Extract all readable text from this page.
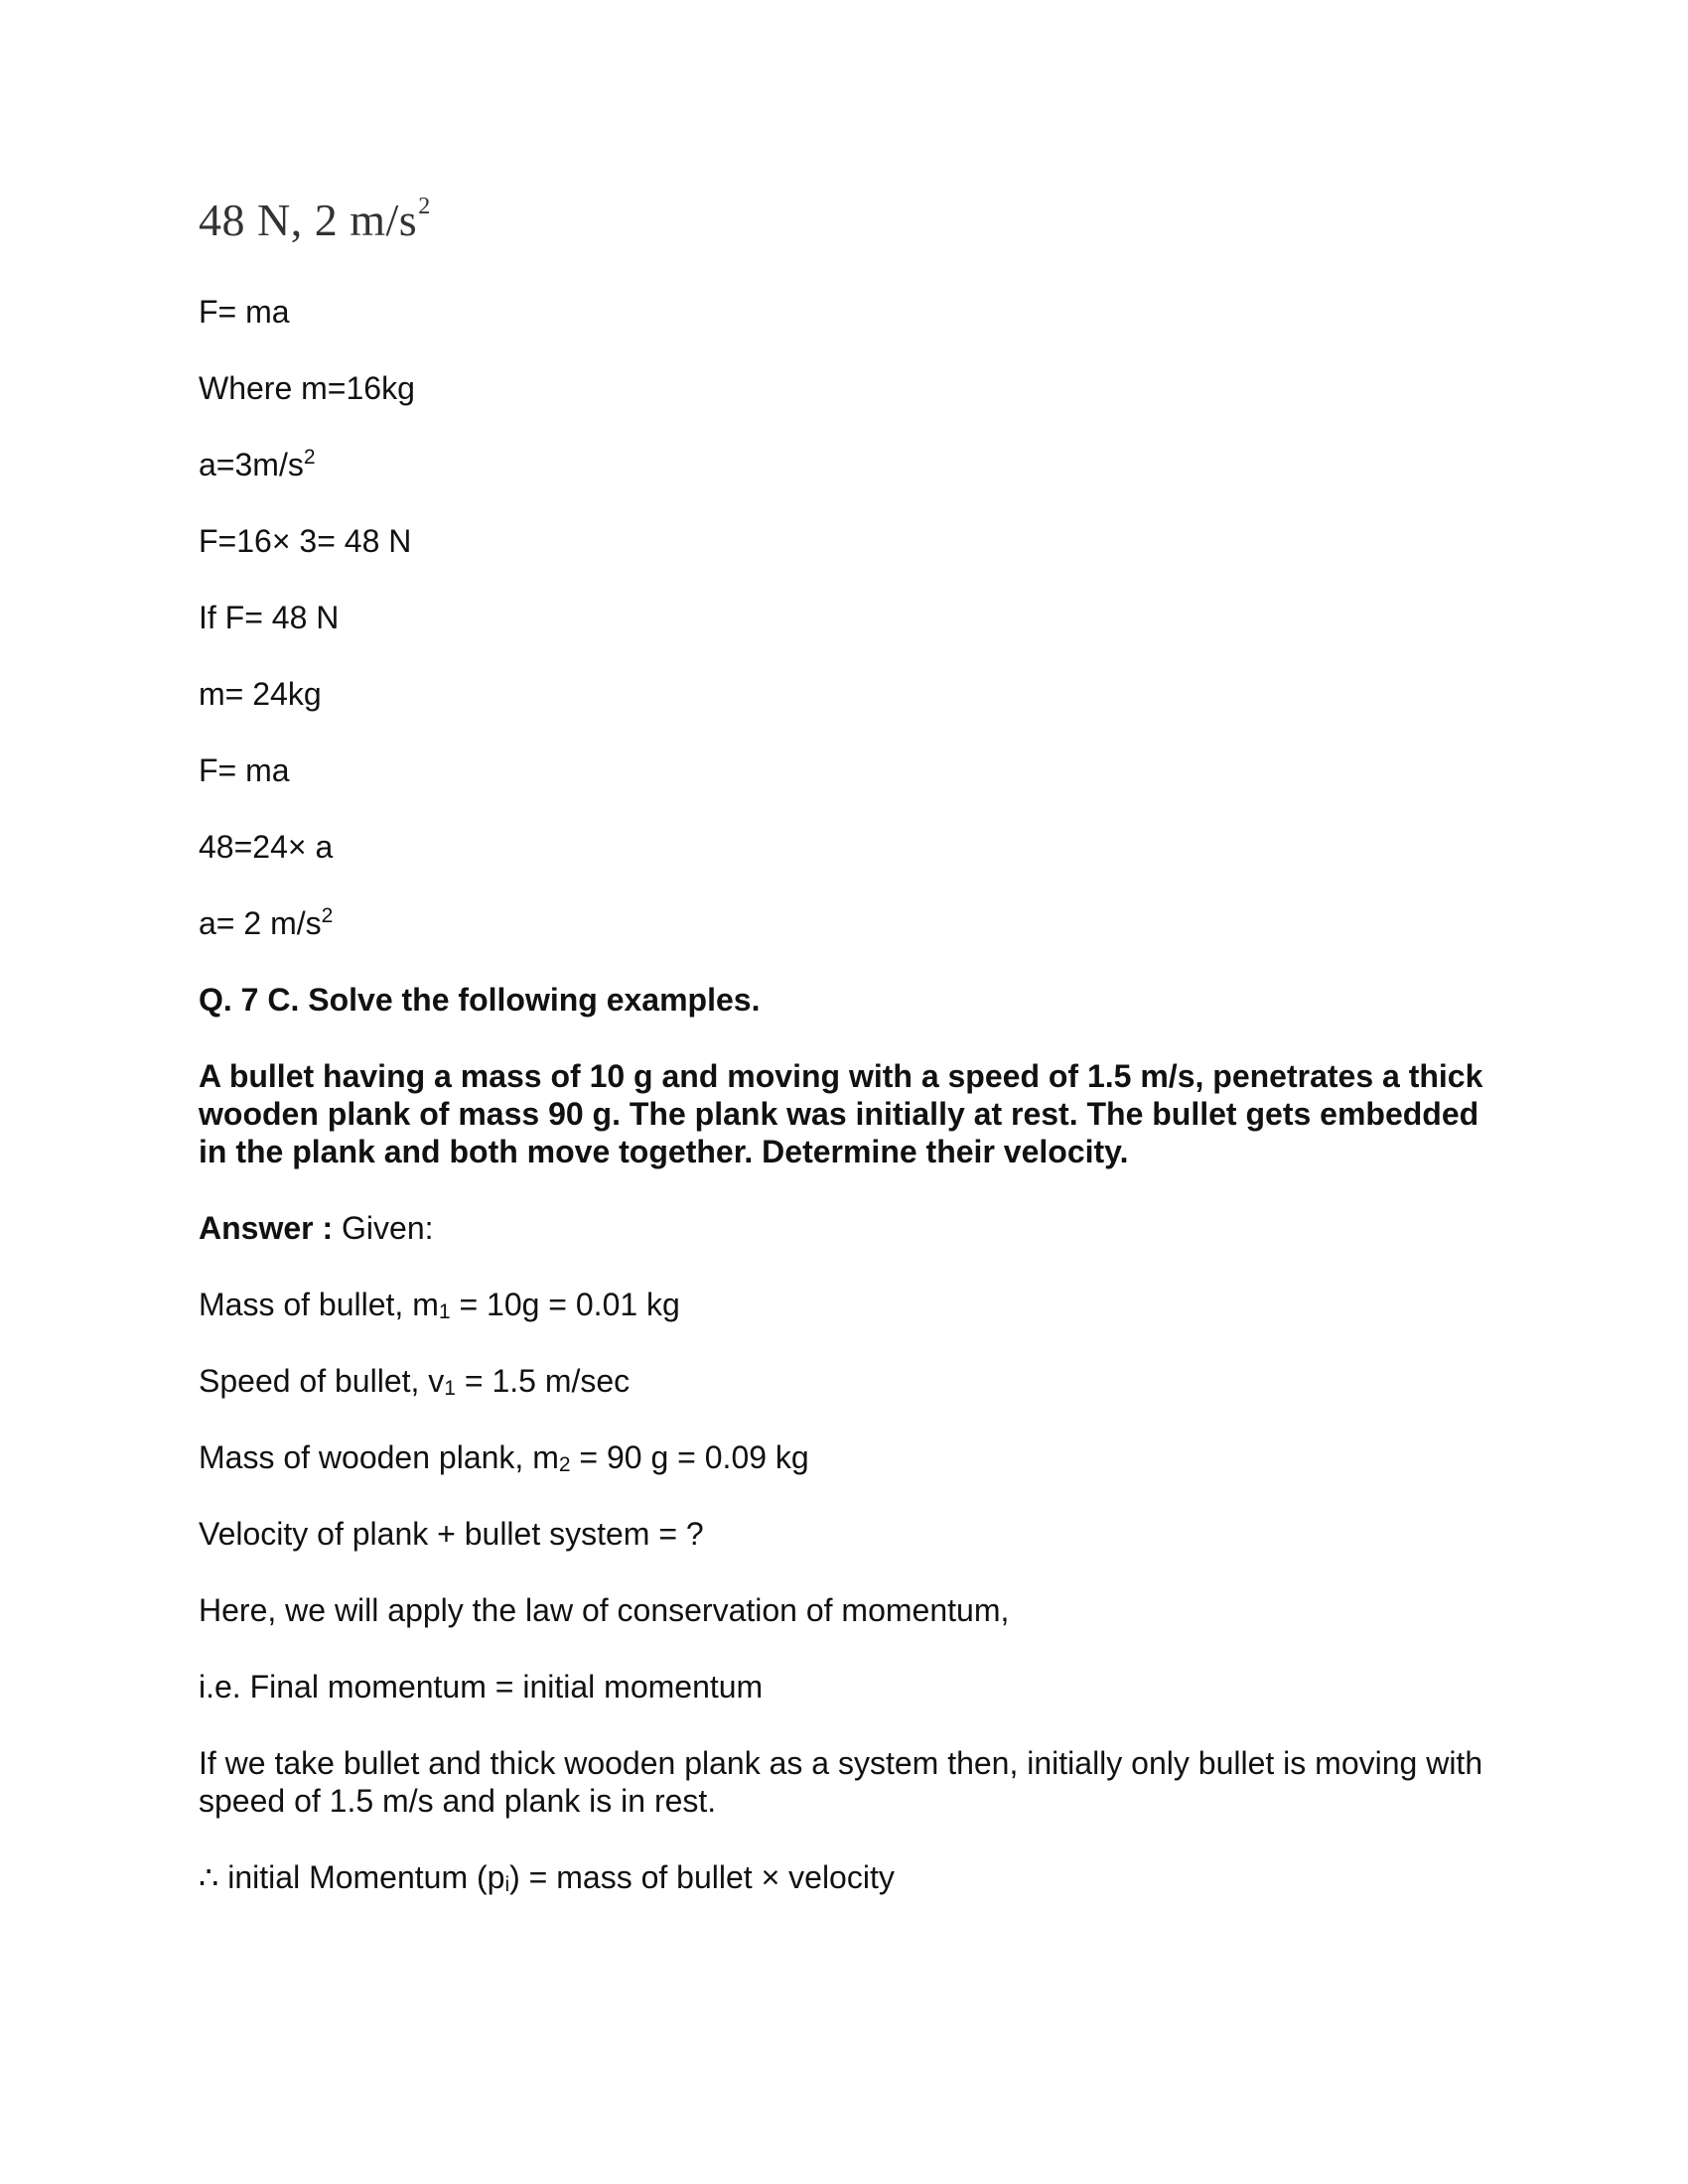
48 N, 2 $m/s^2$
F= ma
Where m=16kg
$a=3m/s^2$
F=16× 3= 48 N
If F= 48 N
m= 24kg
F= ma
48=24× a
a= 2 $m/s^2$
Q. 7 C. Solve the following examples.
A bullet having a mass of 10 g and moving with a speed of 1.5 m/s, penetrates a thick wooden plank of mass 90 g. The plank was initially at rest. The bullet gets embedded in the plank and both move together. Determine their velocity.
Answer : Given:
Mass of bullet, $m_1 = 10g = 0.01$ kg
Speed of bullet, $v_1 = 1.5$ m/sec
Mass of wooden plank, $m_2 = 90$ g = 0.09 kg
Velocity of plank + bullet system = ?
Here, we will apply the law of conservation of momentum,
i.e. Final momentum = initial momentum
If we take bullet and thick wooden plank as a system then, initially only bullet is moving with speed of 1.5 m/s and plank is in rest.
∴ initial Momentum $(p_i)$ = mass of bullet × velocity
